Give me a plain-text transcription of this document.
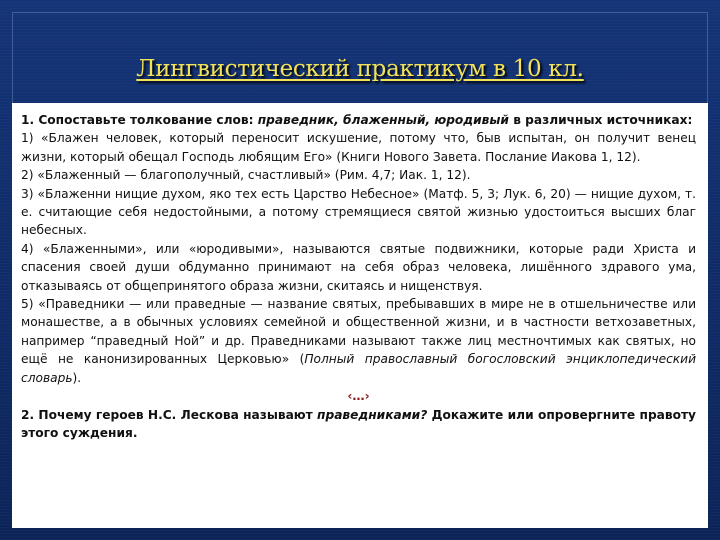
Лингвистический практикум в 10 кл.

1. Сопоставьте толкование слов: праведник, блаженный, юродивый в различных источниках:

1) «Блажен человек, который переносит искушение, потому что, быв испытан, он получит венец жизни, который обещал Господь любящим Его» (Книги Нового Завета. Послание Иакова 1, 12).

2) «Блаженный — благополучный, счастливый» (Рим. 4,7; Иак. 1, 12).

3) «Блаженни нищие духом, яко тех есть Царство Небесное» (Матф. 5, 3; Лук. 6, 20) — нищие духом, т. е. считающие себя недостойными, а потому стремящиеся святой жизнью удостоиться высших благ небесных.

4) «Блаженными», или «юродивыми», называются святые подвижники, которые ради Христа и спасения своей души обдуманно принимают на себя образ человека, лишённого здравого ума, отказываясь от общепринятого образа жизни, скитаясь и нищенствуя.

5) «Праведники — или праведные — название святых, пребывавших в мире не в отшельничестве или монашестве, а в обычных условиях семейной и общественной жизни, и в частности ветхозаветных, например “праведный Ной” и др. Праведниками называют также лиц местночтимых как святых, но ещё не канонизированных Церковью» (Полный православный богословский энциклопедический словарь).

‹…›

2. Почему героев Н.С. Лескова называют праведниками? Докажите или опровергните правоту этого суждения.
